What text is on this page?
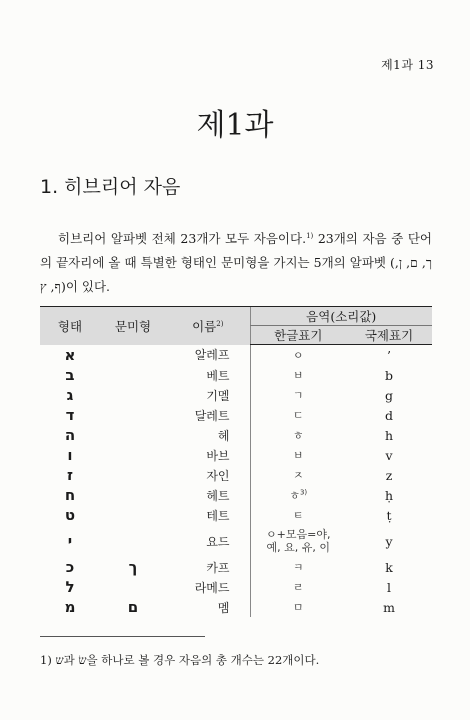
제1과 13
제1과
1. 히브리어 자음

히브리어 알파벳 전체 23개가 모두 자음이다.$^{1)}$ 23개의 자음 중 단어의 끝자리에 올 때 특별한 형태인 문미형을 가지는 5개의 알파벳 (ך, ם, ן, ף, ץ)이 있다.

형태	문미형	이름$^{2)}$	음역(소리값)	
			한글표기	국제표기
א		알레프	ㅇ	’
ב		베트	ㅂ	b
ג		기멜	ㄱ	g
ד		달레트	ㄷ	d
ה		헤	ㅎ	h
ו		바브	ㅂ	v
ז		자인	ㅈ	z
ח		헤트	ㅎ$^{3)}$	ḥ
ט		테트	ㅌ	ṭ
י		요드	ㅇ+모음=야,
예, 요, 유, 이	y
כ	ך	카프	ㅋ	k
ל		라메드	ㄹ	l
מ	ם	멤	ㅁ	m
1) ש과 שׂ을 하나로 볼 경우 자음의 총 개수는 22개이다.
